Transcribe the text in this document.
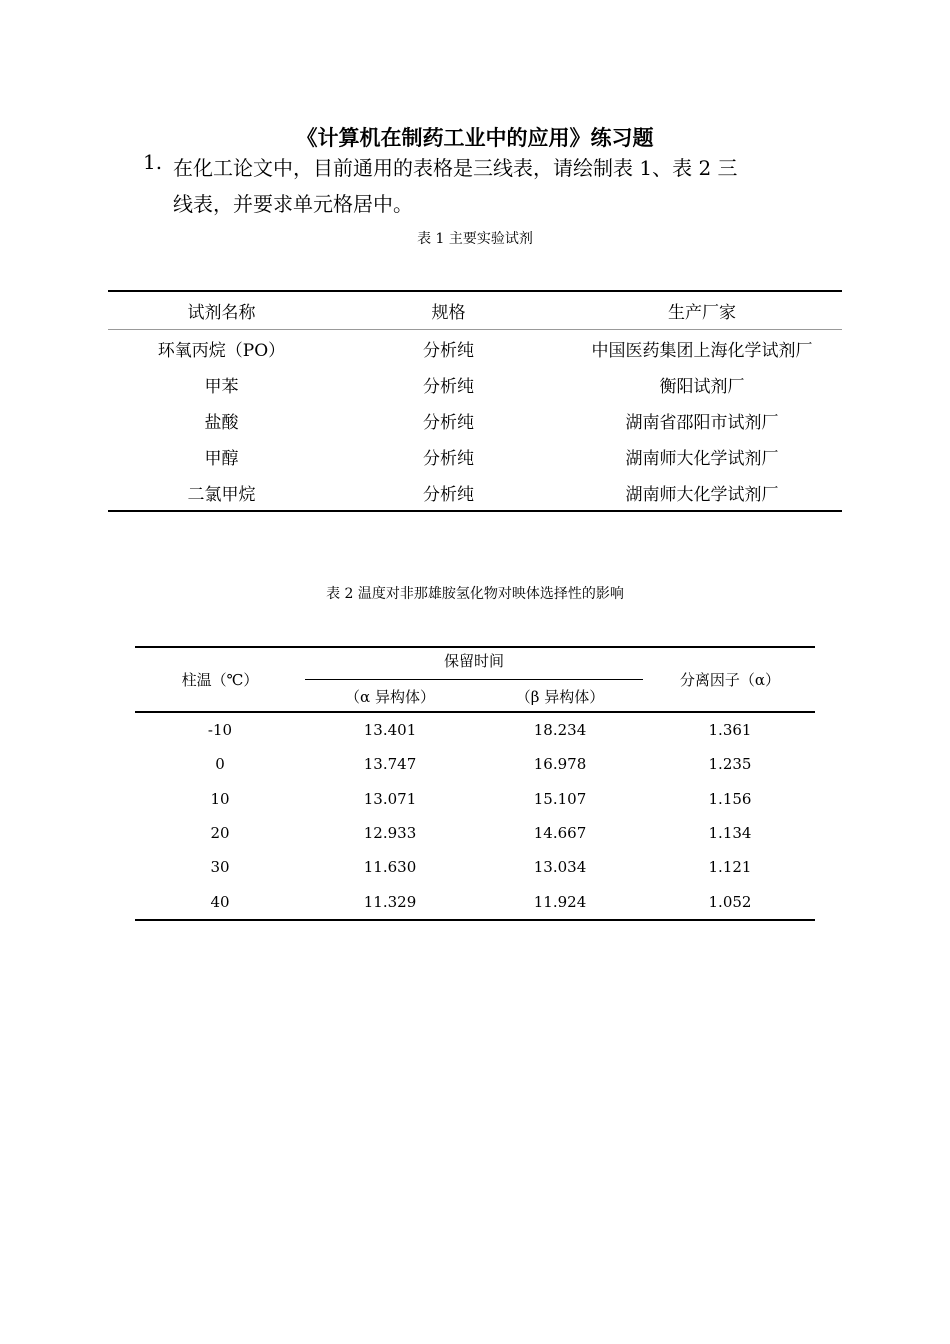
《计算机在制药工业中的应用》练习题
1. 在化工论文中，目前通用的表格是三线表，请绘制表 1、表 2 三
线表，并要求单元格居中。
表 1 主要实验试剂
试剂名称	规格	生产厂家
环氧丙烷（PO）	分析纯	中国医药集团上海化学试剂厂
甲苯	分析纯	衡阳试剂厂
盐酸	分析纯	湖南省邵阳市试剂厂
甲醇	分析纯	湖南师大化学试剂厂
二氯甲烷	分析纯	湖南师大化学试剂厂
表 2 温度对非那雄胺氢化物对映体选择性的影响
柱温（℃）	保留时间		分离因子（α）
	（α 异构体）	（β 异构体）	
-10	13.401	18.234	1.361
0	13.747	16.978	1.235
10	13.071	15.107	1.156
20	12.933	14.667	1.134
30	11.630	13.034	1.121
40	11.329	11.924	1.052
